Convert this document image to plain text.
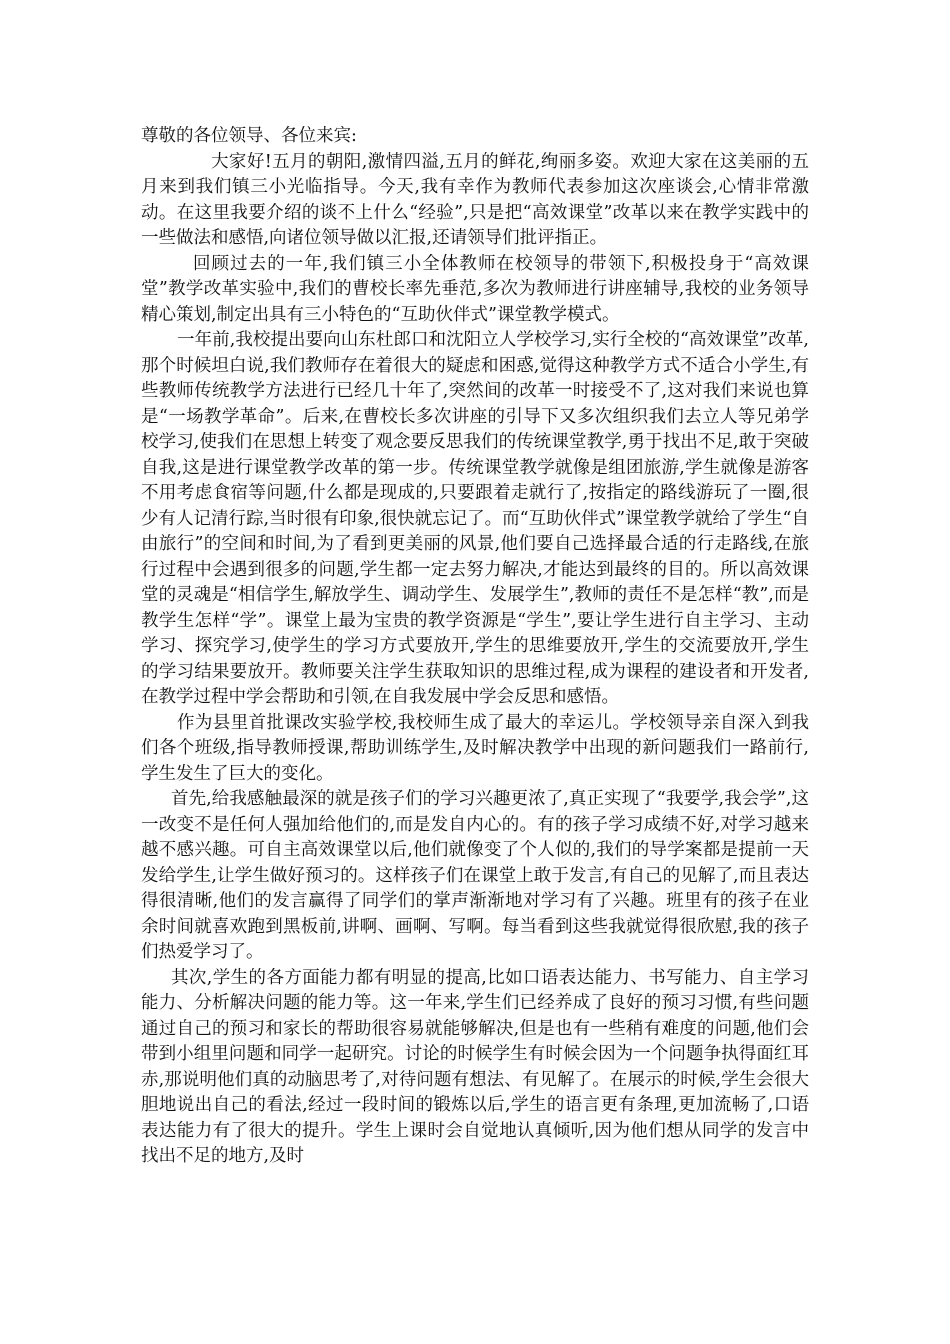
尊敬的各位领导、各位来宾:

大家好!五月的朝阳,激情四溢,五月的鲜花,绚丽多姿。欢迎大家在这美丽的五月来到我们镇三小光临指导。今天,我有幸作为教师代表参加这次座谈会,心情非常激动。在这里我要介绍的谈不上什么“经验”,只是把“高效课堂”改革以来在教学实践中的一些做法和感悟,向诸位领导做以汇报,还请领导们批评指正。

回顾过去的一年,我们镇三小全体教师在校领导的带领下,积极投身于“高效课堂”教学改革实验中,我们的曹校长率先垂范,多次为教师进行讲座辅导,我校的业务领导精心策划,制定出具有三小特色的“互助伙伴式”课堂教学模式。

一年前,我校提出要向山东杜郎口和沈阳立人学校学习,实行全校的“高效课堂”改革,那个时候坦白说,我们教师存在着很大的疑虑和困惑,觉得这种教学方式不适合小学生,有些教师传统教学方法进行已经几十年了,突然间的改革一时接受不了,这对我们来说也算是“一场教学革命”。后来,在曹校长多次讲座的引导下又多次组织我们去立人等兄弟学校学习,使我们在思想上转变了观念要反思我们的传统课堂教学,勇于找出不足,敢于突破自我,这是进行课堂教学改革的第一步。传统课堂教学就像是组团旅游,学生就像是游客不用考虑食宿等问题,什么都是现成的,只要跟着走就行了,按指定的路线游玩了一圈,很少有人记清行踪,当时很有印象,很快就忘记了。而“互助伙伴式”课堂教学就给了学生“自由旅行”的空间和时间,为了看到更美丽的风景,他们要自己选择最合适的行走路线,在旅行过程中会遇到很多的问题,学生都一定去努力解决,才能达到最终的目的。所以高效课堂的灵魂是“相信学生,解放学生、调动学生、发展学生”,教师的责任不是怎样“教”,而是教学生怎样“学”。课堂上最为宝贵的教学资源是“学生”,要让学生进行自主学习、主动学习、探究学习,使学生的学习方式要放开,学生的思维要放开,学生的交流要放开,学生的学习结果要放开。教师要关注学生获取知识的思维过程,成为课程的建设者和开发者,在教学过程中学会帮助和引领,在自我发展中学会反思和感悟。

作为县里首批课改实验学校,我校师生成了最大的幸运儿。学校领导亲自深入到我们各个班级,指导教师授课,帮助训练学生,及时解决教学中出现的新问题我们一路前行,学生发生了巨大的变化。

首先,给我感触最深的就是孩子们的学习兴趣更浓了,真正实现了“我要学,我会学”,这一改变不是任何人强加给他们的,而是发自内心的。有的孩子学习成绩不好,对学习越来越不感兴趣。可自主高效课堂以后,他们就像变了个人似的,我们的导学案都是提前一天发给学生,让学生做好预习的。这样孩子们在课堂上敢于发言,有自己的见解了,而且表达得很清晰,他们的发言赢得了同学们的掌声渐渐地对学习有了兴趣。班里有的孩子在业余时间就喜欢跑到黑板前,讲啊、画啊、写啊。每当看到这些我就觉得很欣慰,我的孩子们热爱学习了。

其次,学生的各方面能力都有明显的提高,比如口语表达能力、书写能力、自主学习能力、分析解决问题的能力等。这一年来,学生们已经养成了良好的预习习惯,有些问题通过自己的预习和家长的帮助很容易就能够解决,但是也有一些稍有难度的问题,他们会带到小组里问题和同学一起研究。讨论的时候学生有时候会因为一个问题争执得面红耳赤,那说明他们真的动脑思考了,对待问题有想法、有见解了。在展示的时候,学生会很大胆地说出自己的看法,经过一段时间的锻炼以后,学生的语言更有条理,更加流畅了,口语表达能力有了很大的提升。学生上课时会自觉地认真倾听,因为他们想从同学的发言中找出不足的地方,及时
